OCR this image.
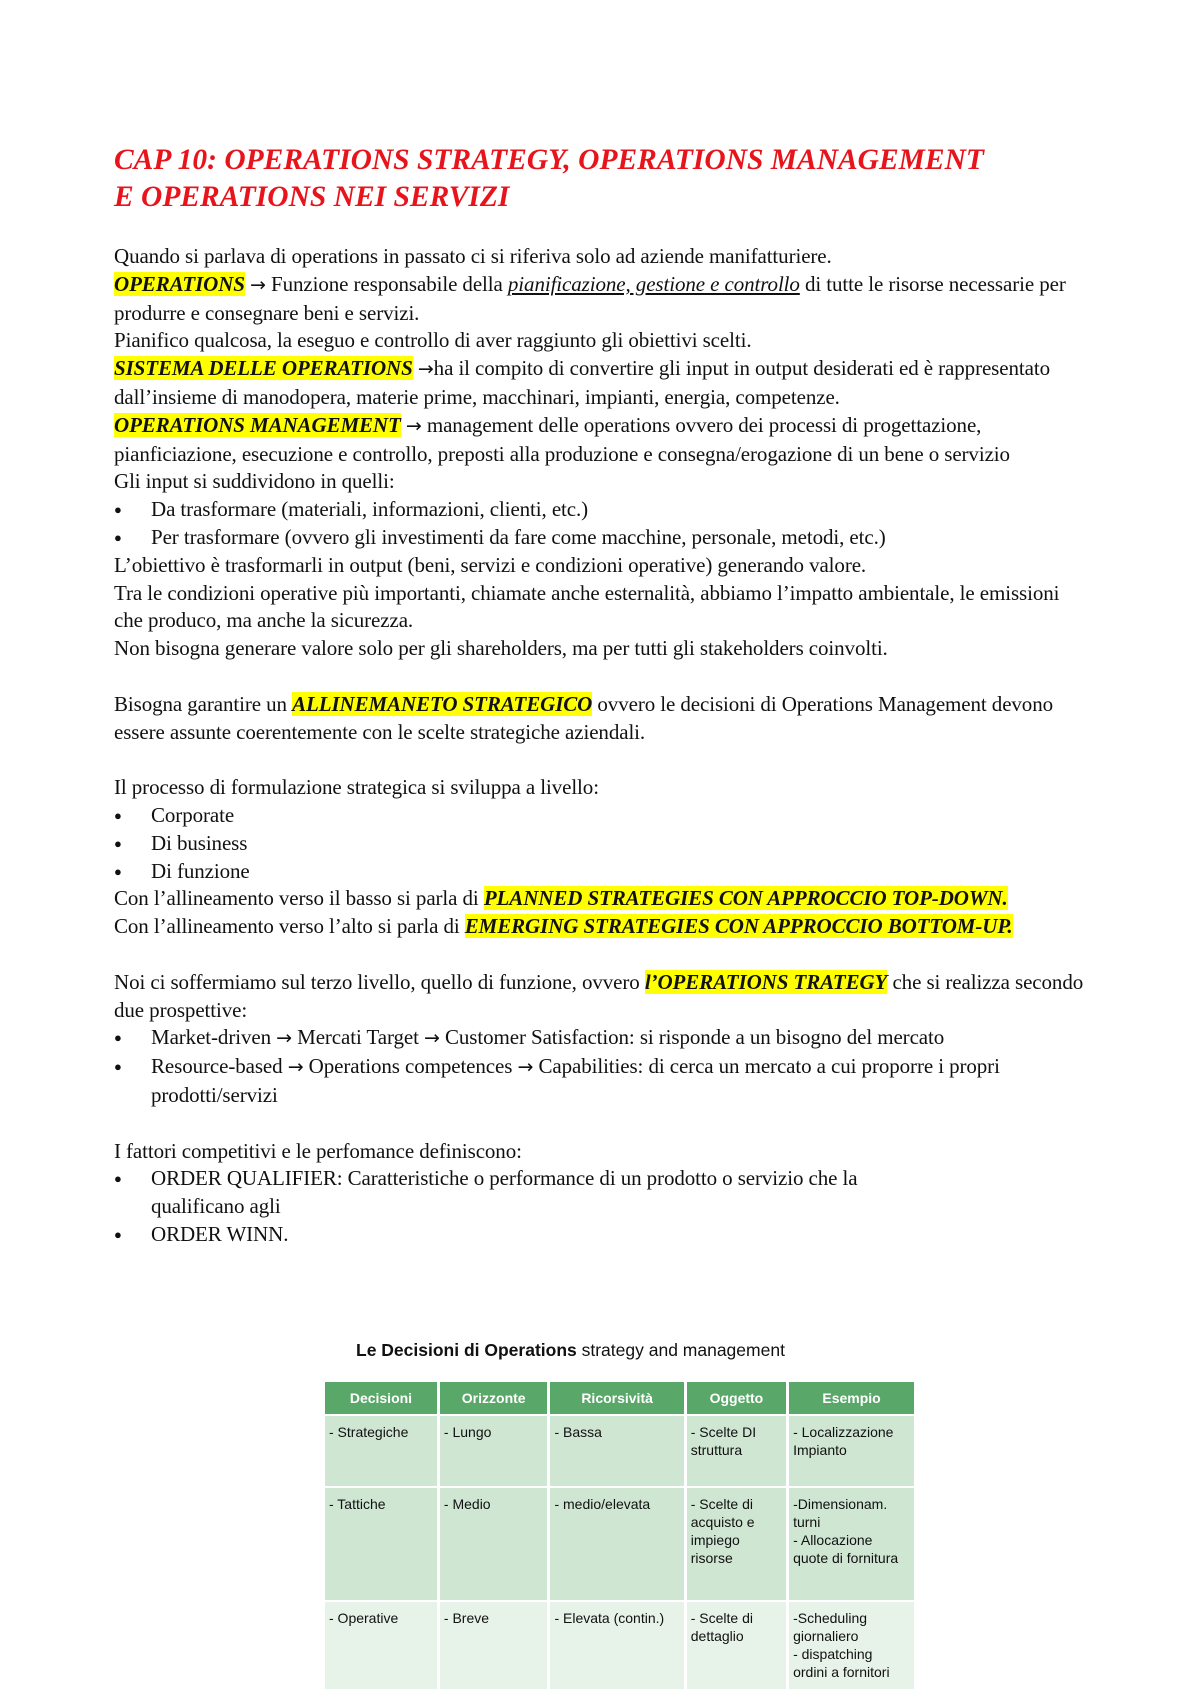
CAP 10: OPERATIONS STRATEGY, OPERATIONS MANAGEMENT
E OPERATIONS NEI SERVIZI

Quando si parlava di operations in passato ci si riferiva solo ad aziende manifatturiere.

OPERATIONS → Funzione responsabile della pianificazione, gestione e controllo di tutte le risorse necessarie per produrre e consegnare beni e servizi.

Pianifico qualcosa, la eseguo e controllo di aver raggiunto gli obiettivi scelti.

SISTEMA DELLE OPERATIONS →ha il compito di convertire gli input in output desiderati ed è rappresentato dall’insieme di manodopera, materie prime, macchinari, impianti, energia, competenze.

OPERATIONS MANAGEMENT → management delle operations ovvero dei processi di progettazione, pianficiazione, esecuzione e controllo, preposti alla produzione e consegna/erogazione di un bene o servizio

Gli input si suddividono in quelli:

● Da trasformare (materiali, informazioni, clienti, etc.)
● Per trasformare (ovvero gli investimenti da fare come macchine, personale, metodi, etc.)

L’obiettivo è trasformarli in output (beni, servizi e condizioni operative) generando valore.

Tra le condizioni operative più importanti, chiamate anche esternalità, abbiamo l’impatto ambientale, le emissioni che produco, ma anche la sicurezza.

Non bisogna generare valore solo per gli shareholders, ma per tutti gli stakeholders coinvolti.

Bisogna garantire un ALLINEMANETO STRATEGICO ovvero le decisioni di Operations Management devono essere assunte coerentemente con le scelte strategiche aziendali.

Il processo di formulazione strategica si sviluppa a livello:

● Corporate
● Di business
● Di funzione

Con l’allineamento verso il basso si parla di PLANNED STRATEGIES CON APPROCCIO TOP-DOWN.

Con l’allineamento verso l’alto si parla di EMERGING STRATEGIES CON APPROCCIO BOTTOM-UP.

Noi ci soffermiamo sul terzo livello, quello di funzione, ovvero l’OPERATIONS TRATEGY che si realizza secondo due prospettive:

● Market-driven → Mercati Target → Customer Satisfaction: si risponde a un bisogno del mercato
● Resource-based → Operations competences → Capabilities: di cerca un mercato a cui proporre i propri prodotti/servizi

I fattori competitivi e le perfomance definiscono:

● ORDER QUALIFIER: Caratteristiche o performance di un prodotto o servizio che la
qualificano agli
● ORDER WINN.
Le Decisioni di Operations strategy and management
Decisioni	Orizzonte	Ricorsività	Oggetto	Esempio
- Strategiche	- Lungo	- Bassa	- Scelte DI struttura	- Localizzazione Impianto
- Tattiche	- Medio	- medio/elevata	- Scelte di acquisto e impiego risorse	-Dimensionam. turni
- Allocazione quote di fornitura
- Operative	- Breve	- Elevata (contin.)	- Scelte di dettaglio	-Scheduling giornaliero
- dispatching ordini a fornitori
